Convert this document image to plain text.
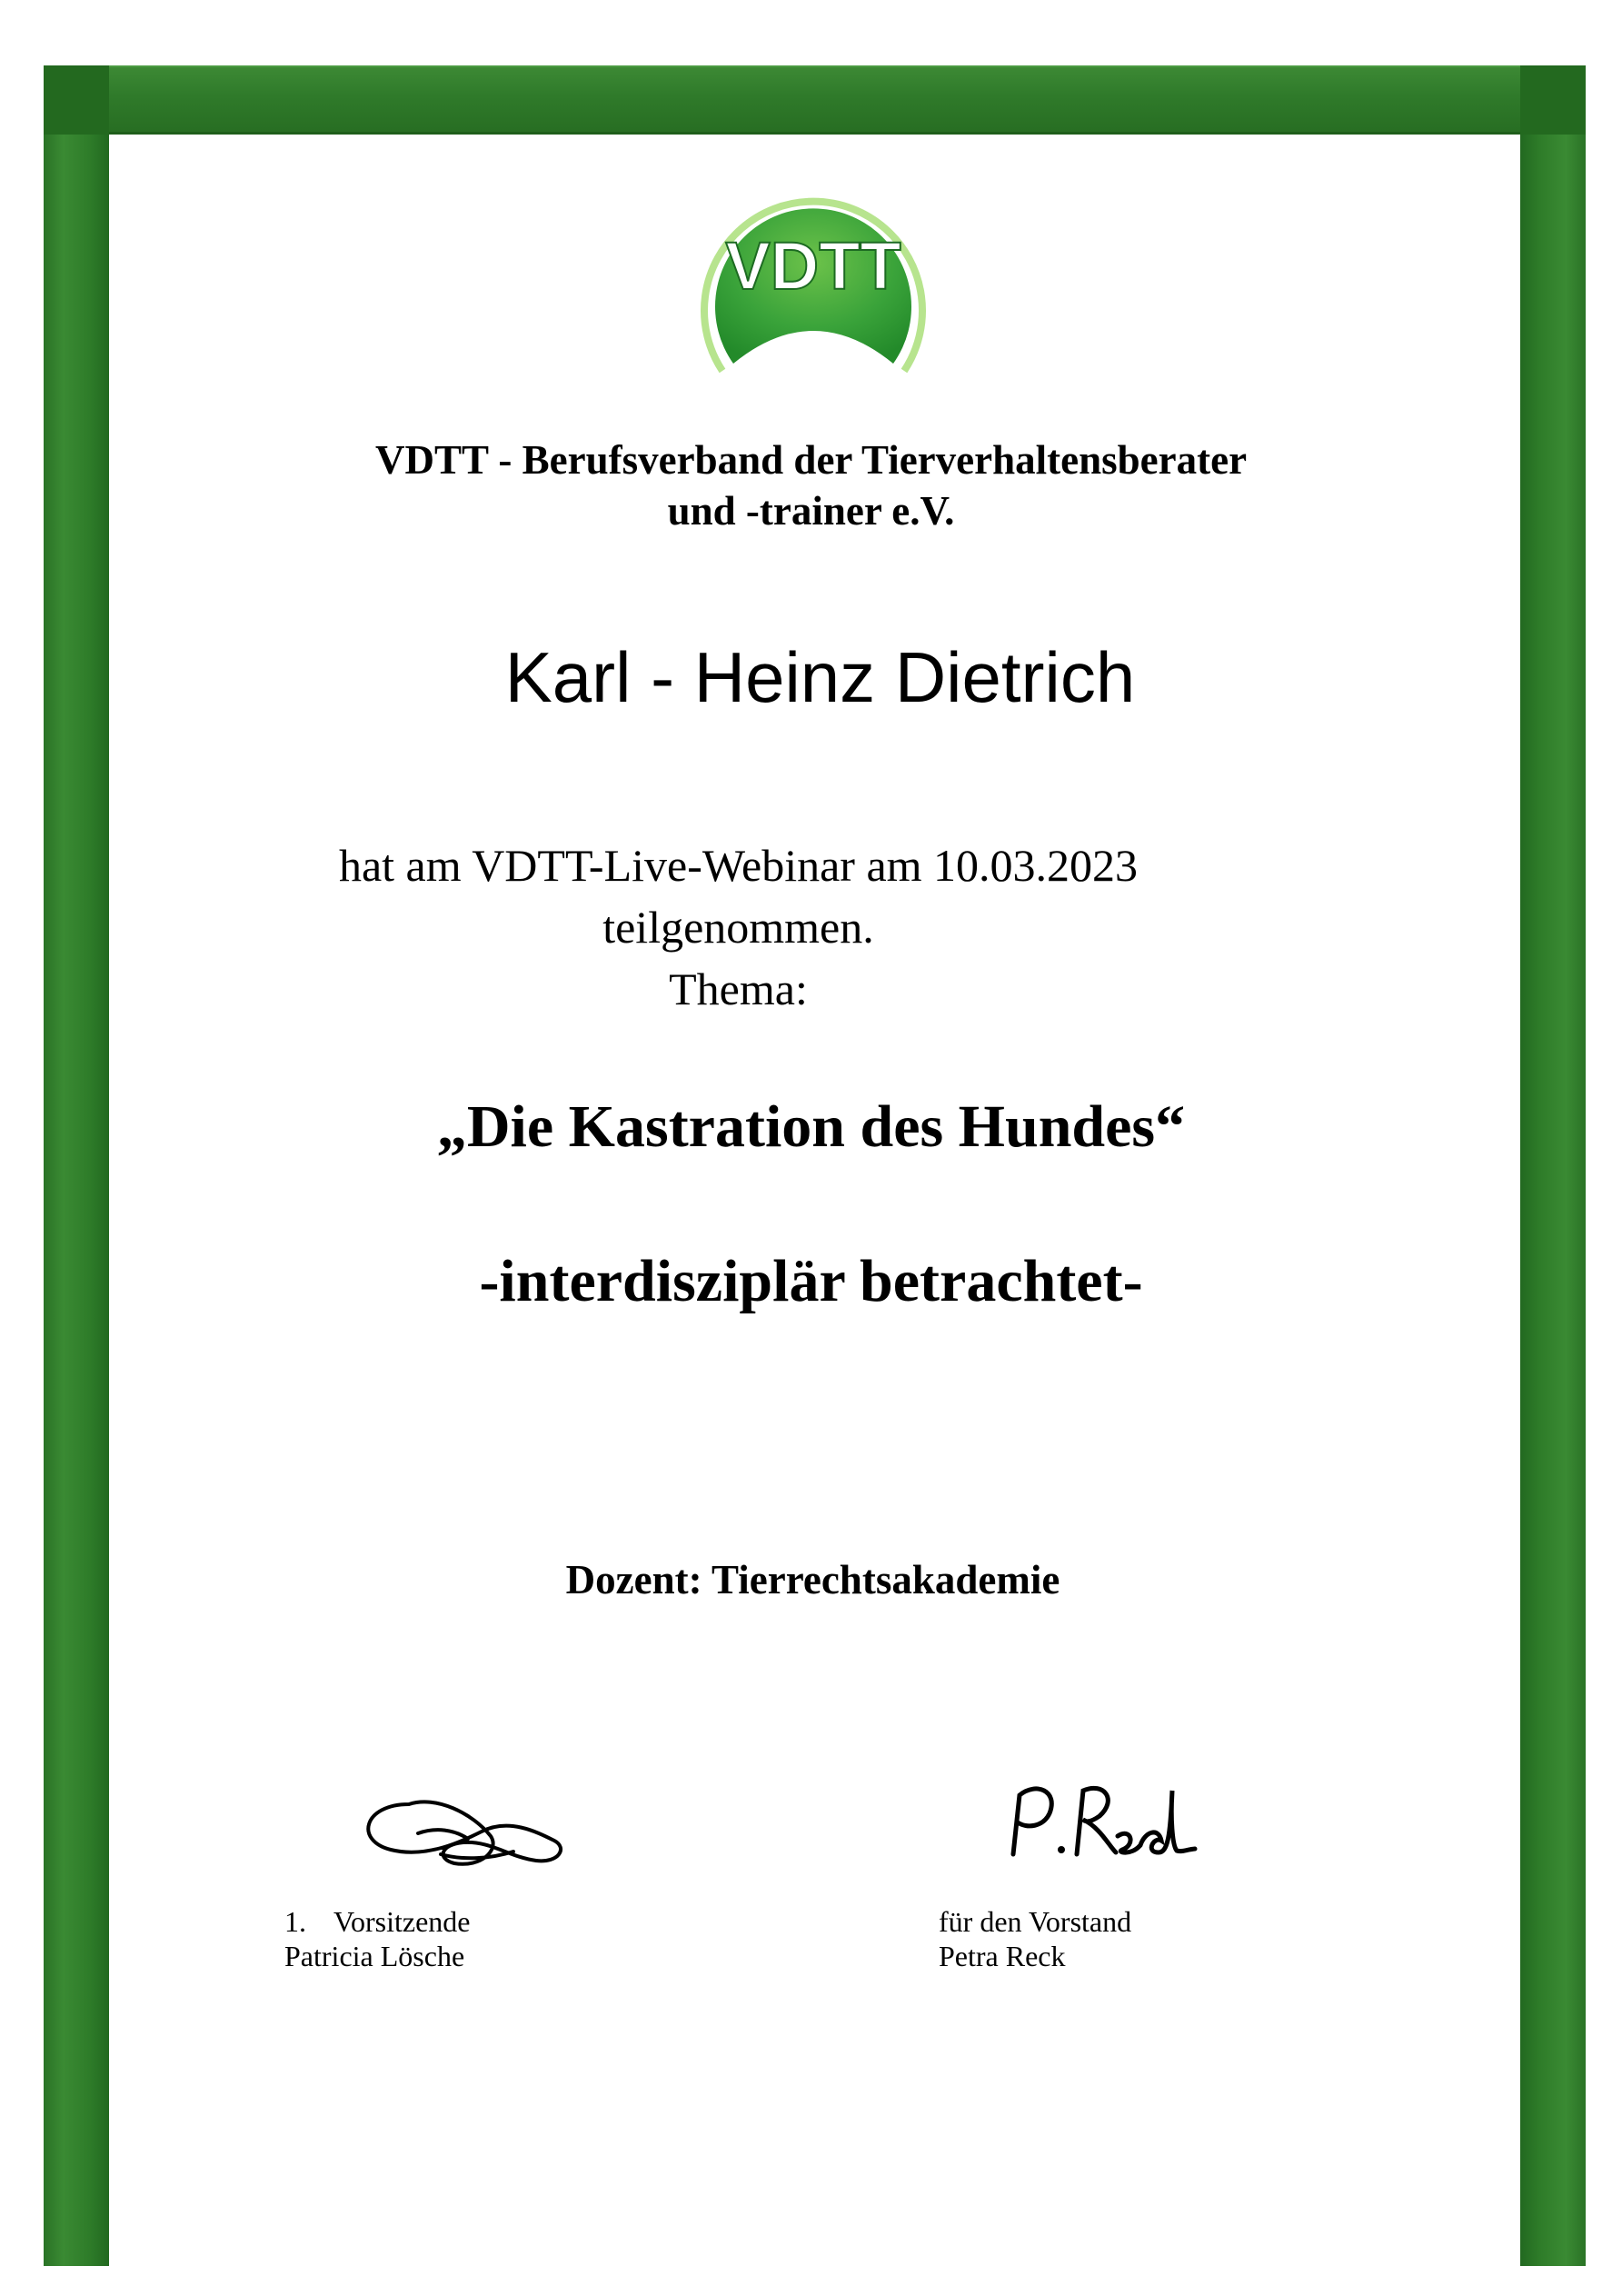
VDTT
VDTT - Berufsverband der Tierverhaltensberater
und -trainer e.V.
Karl - Heinz Dietrich
hat am VDTT-Live-Webinar am 10.03.2023
teilgenommen.
Thema:
„Die Kastration des Hundes“
-interdisziplär betrachtet-
Dozent: Tierrechtsakademie
1. Vorsitzende
Patricia Lösche
für den Vorstand
Petra Reck
